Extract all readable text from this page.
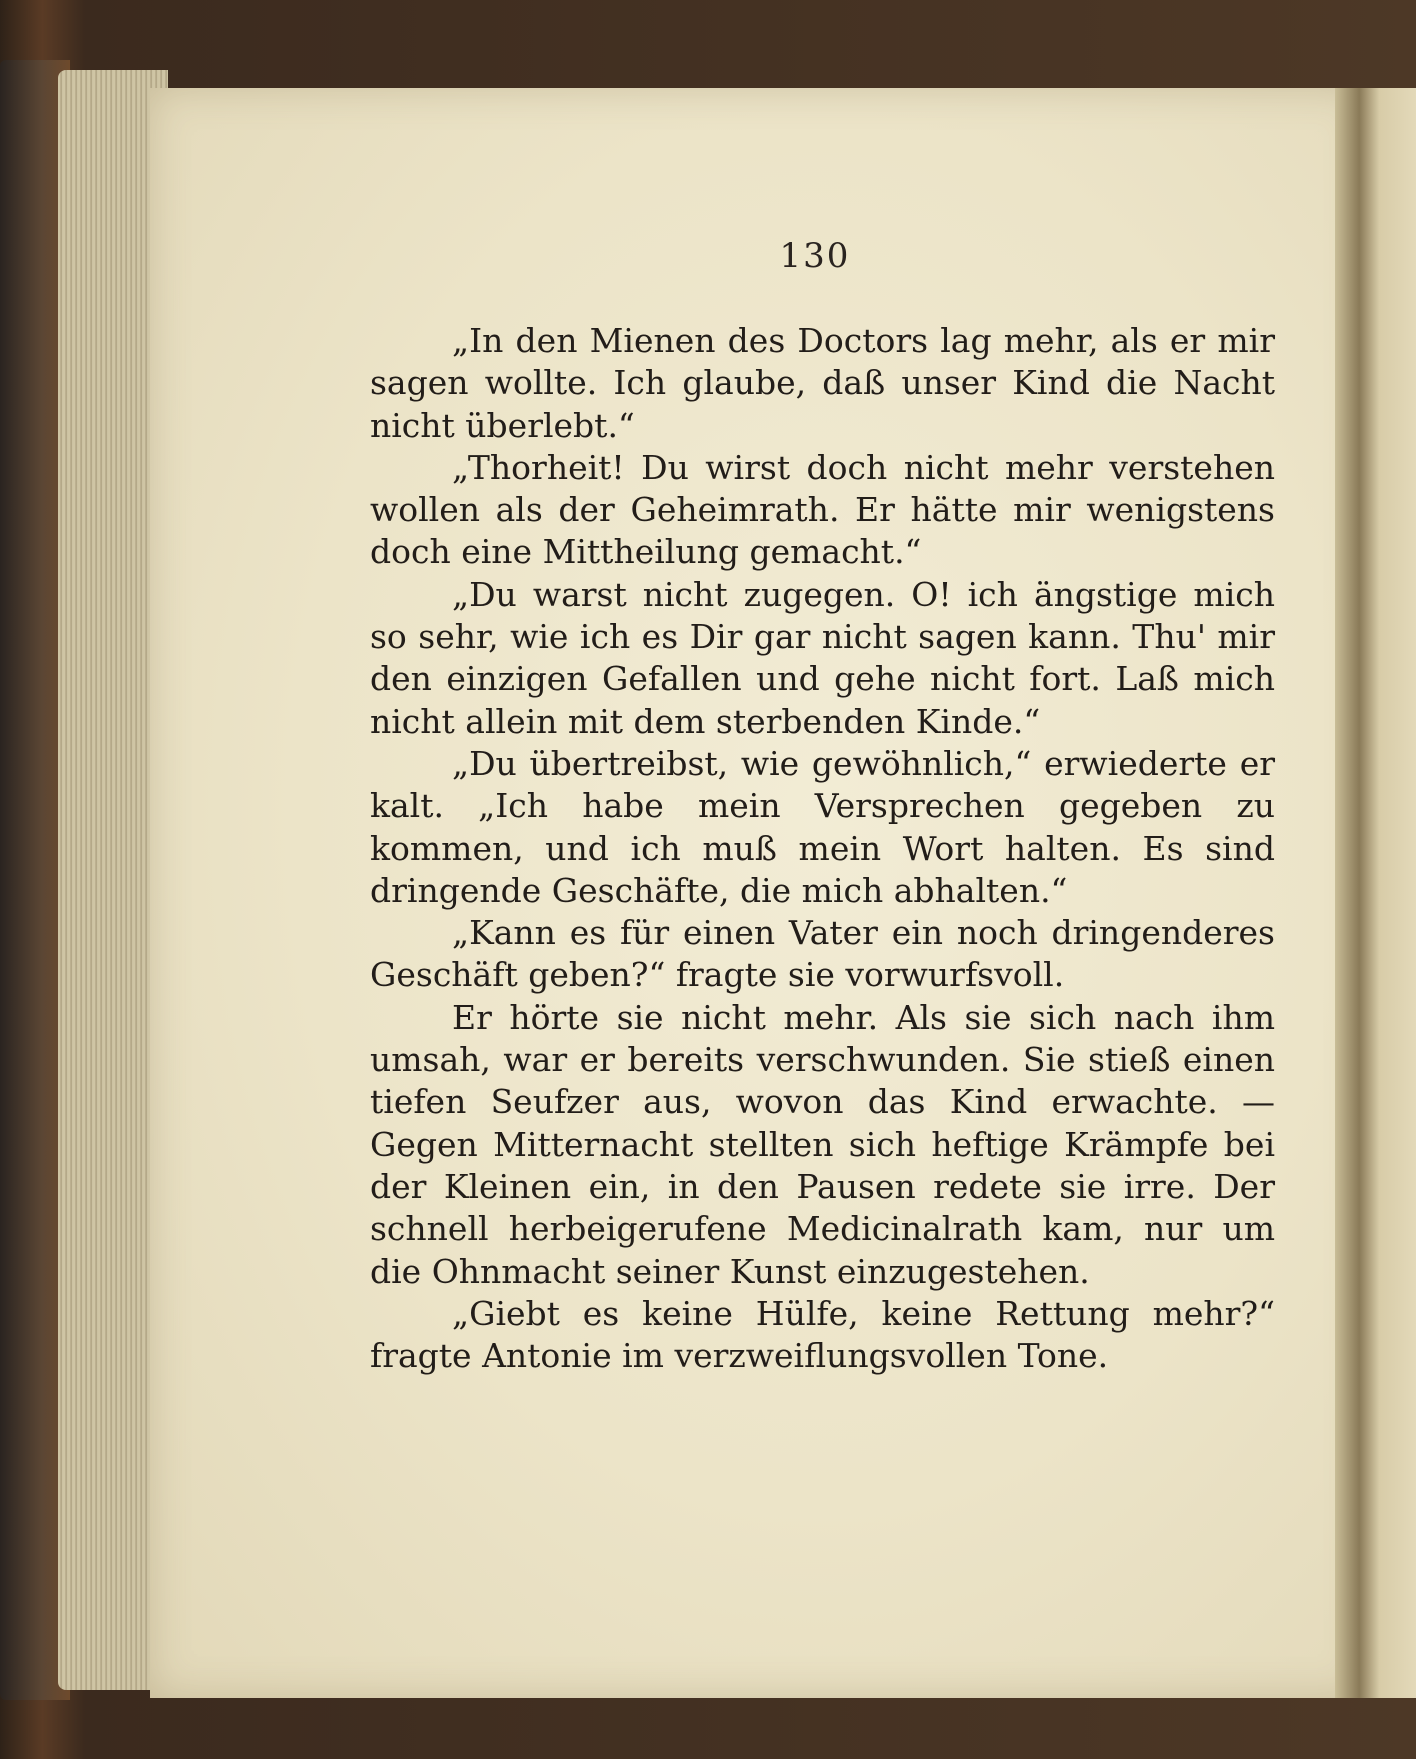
130

„In den Mienen des Doctors lag mehr, als er mir sagen wollte. Ich glaube, daß unser Kind die Nacht nicht überlebt.“

„Thorheit! Du wirst doch nicht mehr verstehen wollen als der Geheimrath. Er hätte mir wenigstens doch eine Mittheilung gemacht.“

„Du warst nicht zugegen. O! ich ängstige mich so sehr, wie ich es Dir gar nicht sagen kann. Thu' mir den einzigen Gefallen und gehe nicht fort. Laß mich nicht allein mit dem sterbenden Kinde.“

„Du übertreibst, wie gewöhnlich,“ erwiederte er kalt. „Ich habe mein Versprechen gegeben zu kommen, und ich muß mein Wort halten. Es sind dringende Geschäfte, die mich abhalten.“

„Kann es für einen Vater ein noch dringenderes Geschäft geben?“ fragte sie vorwurfsvoll.

Er hörte sie nicht mehr. Als sie sich nach ihm umsah, war er bereits verschwunden. Sie stieß einen tiefen Seufzer aus, wovon das Kind erwachte. — Gegen Mitternacht stellten sich heftige Krämpfe bei der Kleinen ein, in den Pausen redete sie irre. Der schnell herbeigerufene Medicinalrath kam, nur um die Ohnmacht seiner Kunst einzugestehen.

„Giebt es keine Hülfe, keine Rettung mehr?“ fragte Antonie im verzweiflungsvollen Tone.
